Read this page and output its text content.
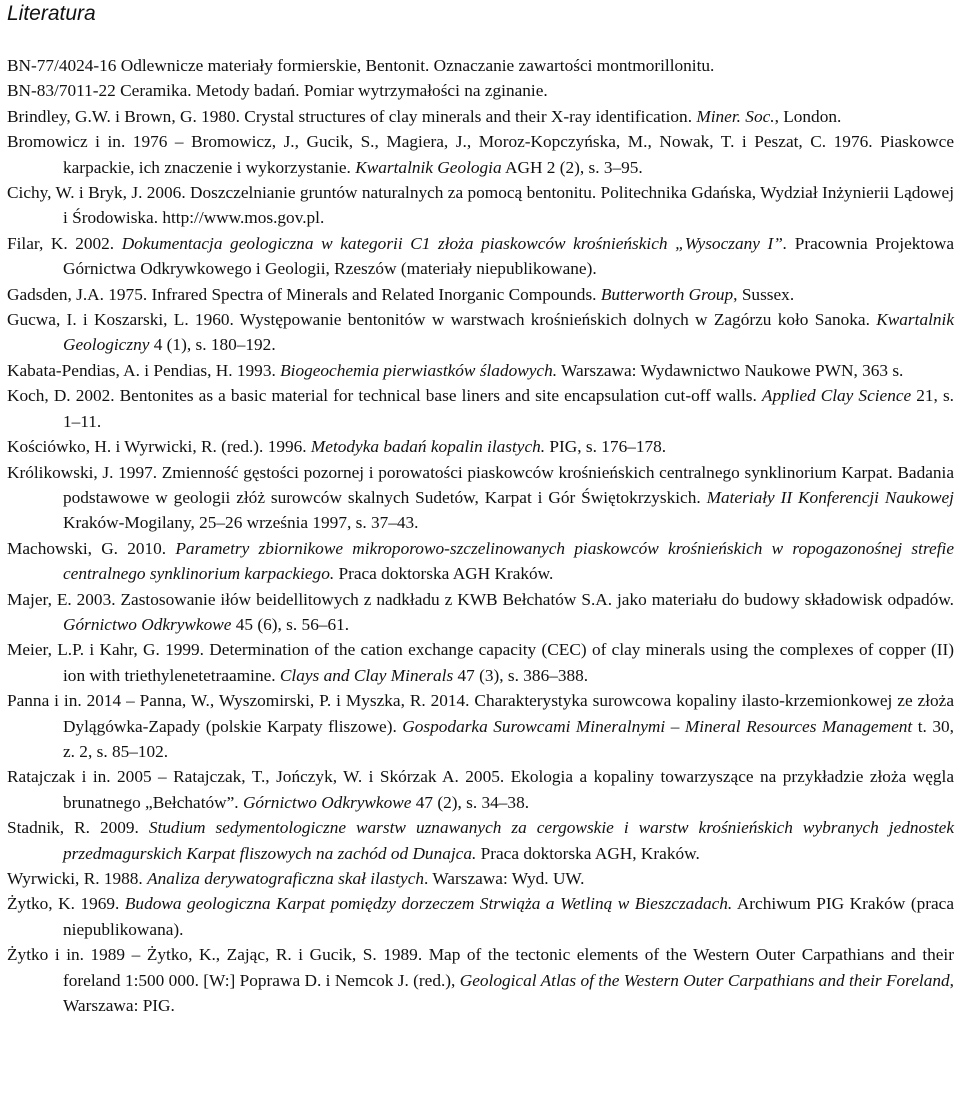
Literatura
BN-77/4024-16 Odlewnicze materiały formierskie, Bentonit. Oznaczanie zawartości montmorillonitu.
BN-83/7011-22 Ceramika. Metody badań. Pomiar wytrzymałości na zginanie.
Brindley, G.W. i Brown, G. 1980. Crystal structures of clay minerals and their X-ray identification. Miner. Soc., London.
Bromowicz i in. 1976 – Bromowicz, J., Gucik, S., Magiera, J., Moroz-Kopczyńska, M., Nowak, T. i Peszat, C. 1976. Piaskowce karpackie, ich znaczenie i wykorzystanie. Kwartalnik Geologia AGH 2 (2), s. 3–95.
Cichy, W. i Bryk, J. 2006. Doszczelnianie gruntów naturalnych za pomocą bentonitu. Politechnika Gdańska, Wydział Inżynierii Lądowej i Środowiska. http://www.mos.gov.pl.
Filar, K. 2002. Dokumentacja geologiczna w kategorii C1 złoża piaskowców krośnieńskich „Wysoczany I”. Pracownia Projektowa Górnictwa Odkrywkowego i Geologii, Rzeszów (materiały niepublikowane).
Gadsden, J.A. 1975. Infrared Spectra of Minerals and Related Inorganic Compounds. Butterworth Group, Sussex.
Gucwa, I. i Koszarski, L. 1960. Występowanie bentonitów w warstwach krośnieńskich dolnych w Zagórzu koło Sanoka. Kwartalnik Geologiczny 4 (1), s. 180–192.
Kabata-Pendias, A. i Pendias, H. 1993. Biogeochemia pierwiastków śladowych. Warszawa: Wydawnictwo Naukowe PWN, 363 s.
Koch, D. 2002. Bentonites as a basic material for technical base liners and site encapsulation cut-off walls. Applied Clay Science 21, s. 1–11.
Kościówko, H. i Wyrwicki, R. (red.). 1996. Metodyka badań kopalin ilastych. PIG, s. 176–178.
Królikowski, J. 1997. Zmienność gęstości pozornej i porowatości piaskowców krośnieńskich centralnego synklinorium Karpat. Badania podstawowe w geologii złóż surowców skalnych Sudetów, Karpat i Gór Świętokrzyskich. Materiały II Konferencji Naukowej Kraków-Mogilany, 25–26 września 1997, s. 37–43.
Machowski, G. 2010. Parametry zbiornikowe mikroporowo-szczelinowanych piaskowców krośnieńskich w ropogazonośnej strefie centralnego synklinorium karpackiego. Praca doktorska AGH Kraków.
Majer, E. 2003. Zastosowanie iłów beidellitowych z nadkładu z KWB Bełchatów S.A. jako materiału do budowy składowisk odpadów. Górnictwo Odkrywkowe 45 (6), s. 56–61.
Meier, L.P. i Kahr, G. 1999. Determination of the cation exchange capacity (CEC) of clay minerals using the complexes of copper (II) ion with triethylenetetraamine. Clays and Clay Minerals 47 (3), s. 386–388.
Panna i in. 2014 – Panna, W., Wyszomirski, P. i Myszka, R. 2014. Charakterystyka surowcowa kopaliny ilasto-krzemionkowej ze złoża Dylągówka-Zapady (polskie Karpaty fliszowe). Gospodarka Surowcami Mineralnymi – Mineral Resources Management t. 30, z. 2, s. 85–102.
Ratajczak i in. 2005 – Ratajczak, T., Jończyk, W. i Skórzak A. 2005. Ekologia a kopaliny towarzyszące na przykładzie złoża węgla brunatnego „Bełchatów”. Górnictwo Odkrywkowe 47 (2), s. 34–38.
Stadnik, R. 2009. Studium sedymentologiczne warstw uznawanych za cergowskie i warstw krośnieńskich wybranych jednostek przedmagurskich Karpat fliszowych na zachód od Dunajca. Praca doktorska AGH, Kraków.
Wyrwicki, R. 1988. Analiza derywatograficzna skał ilastych. Warszawa: Wyd. UW.
Żytko, K. 1969. Budowa geologiczna Karpat pomiędzy dorzeczem Strwiąża a Wetliną w Bieszczadach. Archiwum PIG Kraków (praca niepublikowana).
Żytko i in. 1989 – Żytko, K., Zając, R. i Gucik, S. 1989. Map of the tectonic elements of the Western Outer Carpathians and their foreland 1:500 000. [W:] Poprawa D. i Nemcok J. (red.), Geological Atlas of the Western Outer Carpathians and their Foreland, Warszawa: PIG.
